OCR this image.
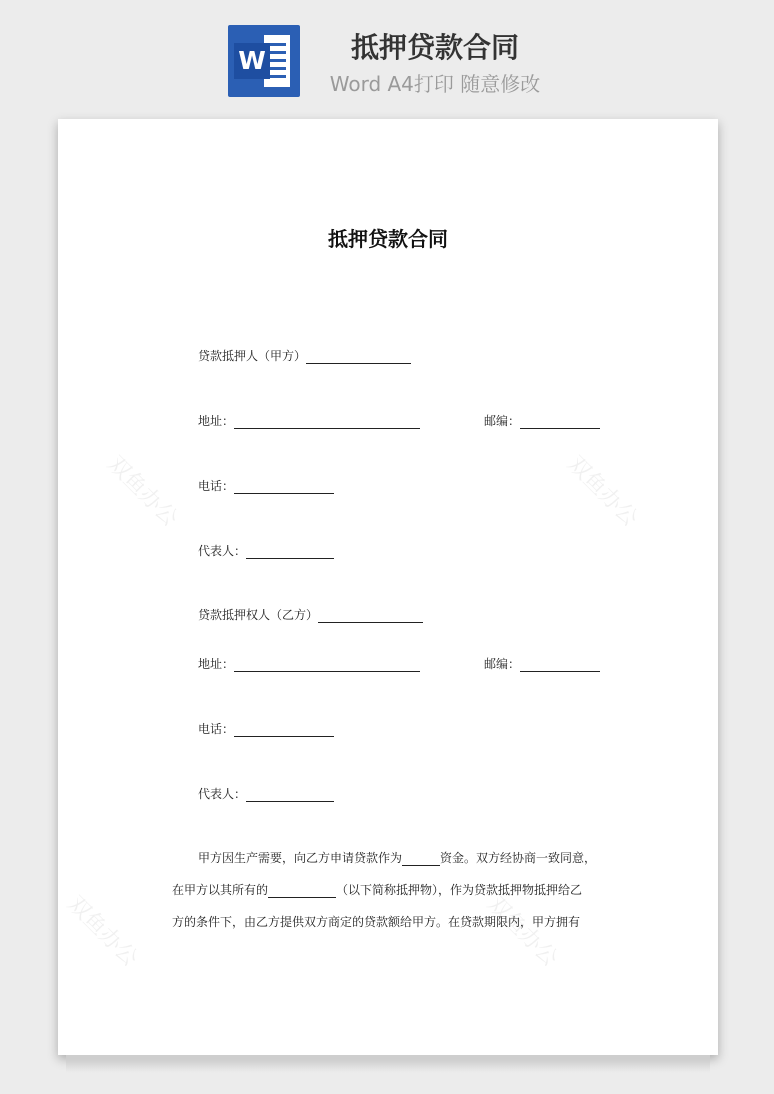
W	抵押贷款合同
Word A4打印 随意修改
双鱼办公	双鱼办公
双鱼办公	双鱼办公
抵押贷款合同
贷款抵押人（甲方）
地址：	邮编：
电话：
代表人：
贷款抵押权人（乙方）
地址：	邮编：
电话：
代表人：
甲方因生产需要，向乙方申请贷款作为	资金。双方经协商一致同意，
在甲方以其所有的	（以下简称抵押物），作为贷款抵押物抵押给乙
方的条件下，由乙方提供双方商定的贷款额给甲方。在贷款期限内，甲方拥有
